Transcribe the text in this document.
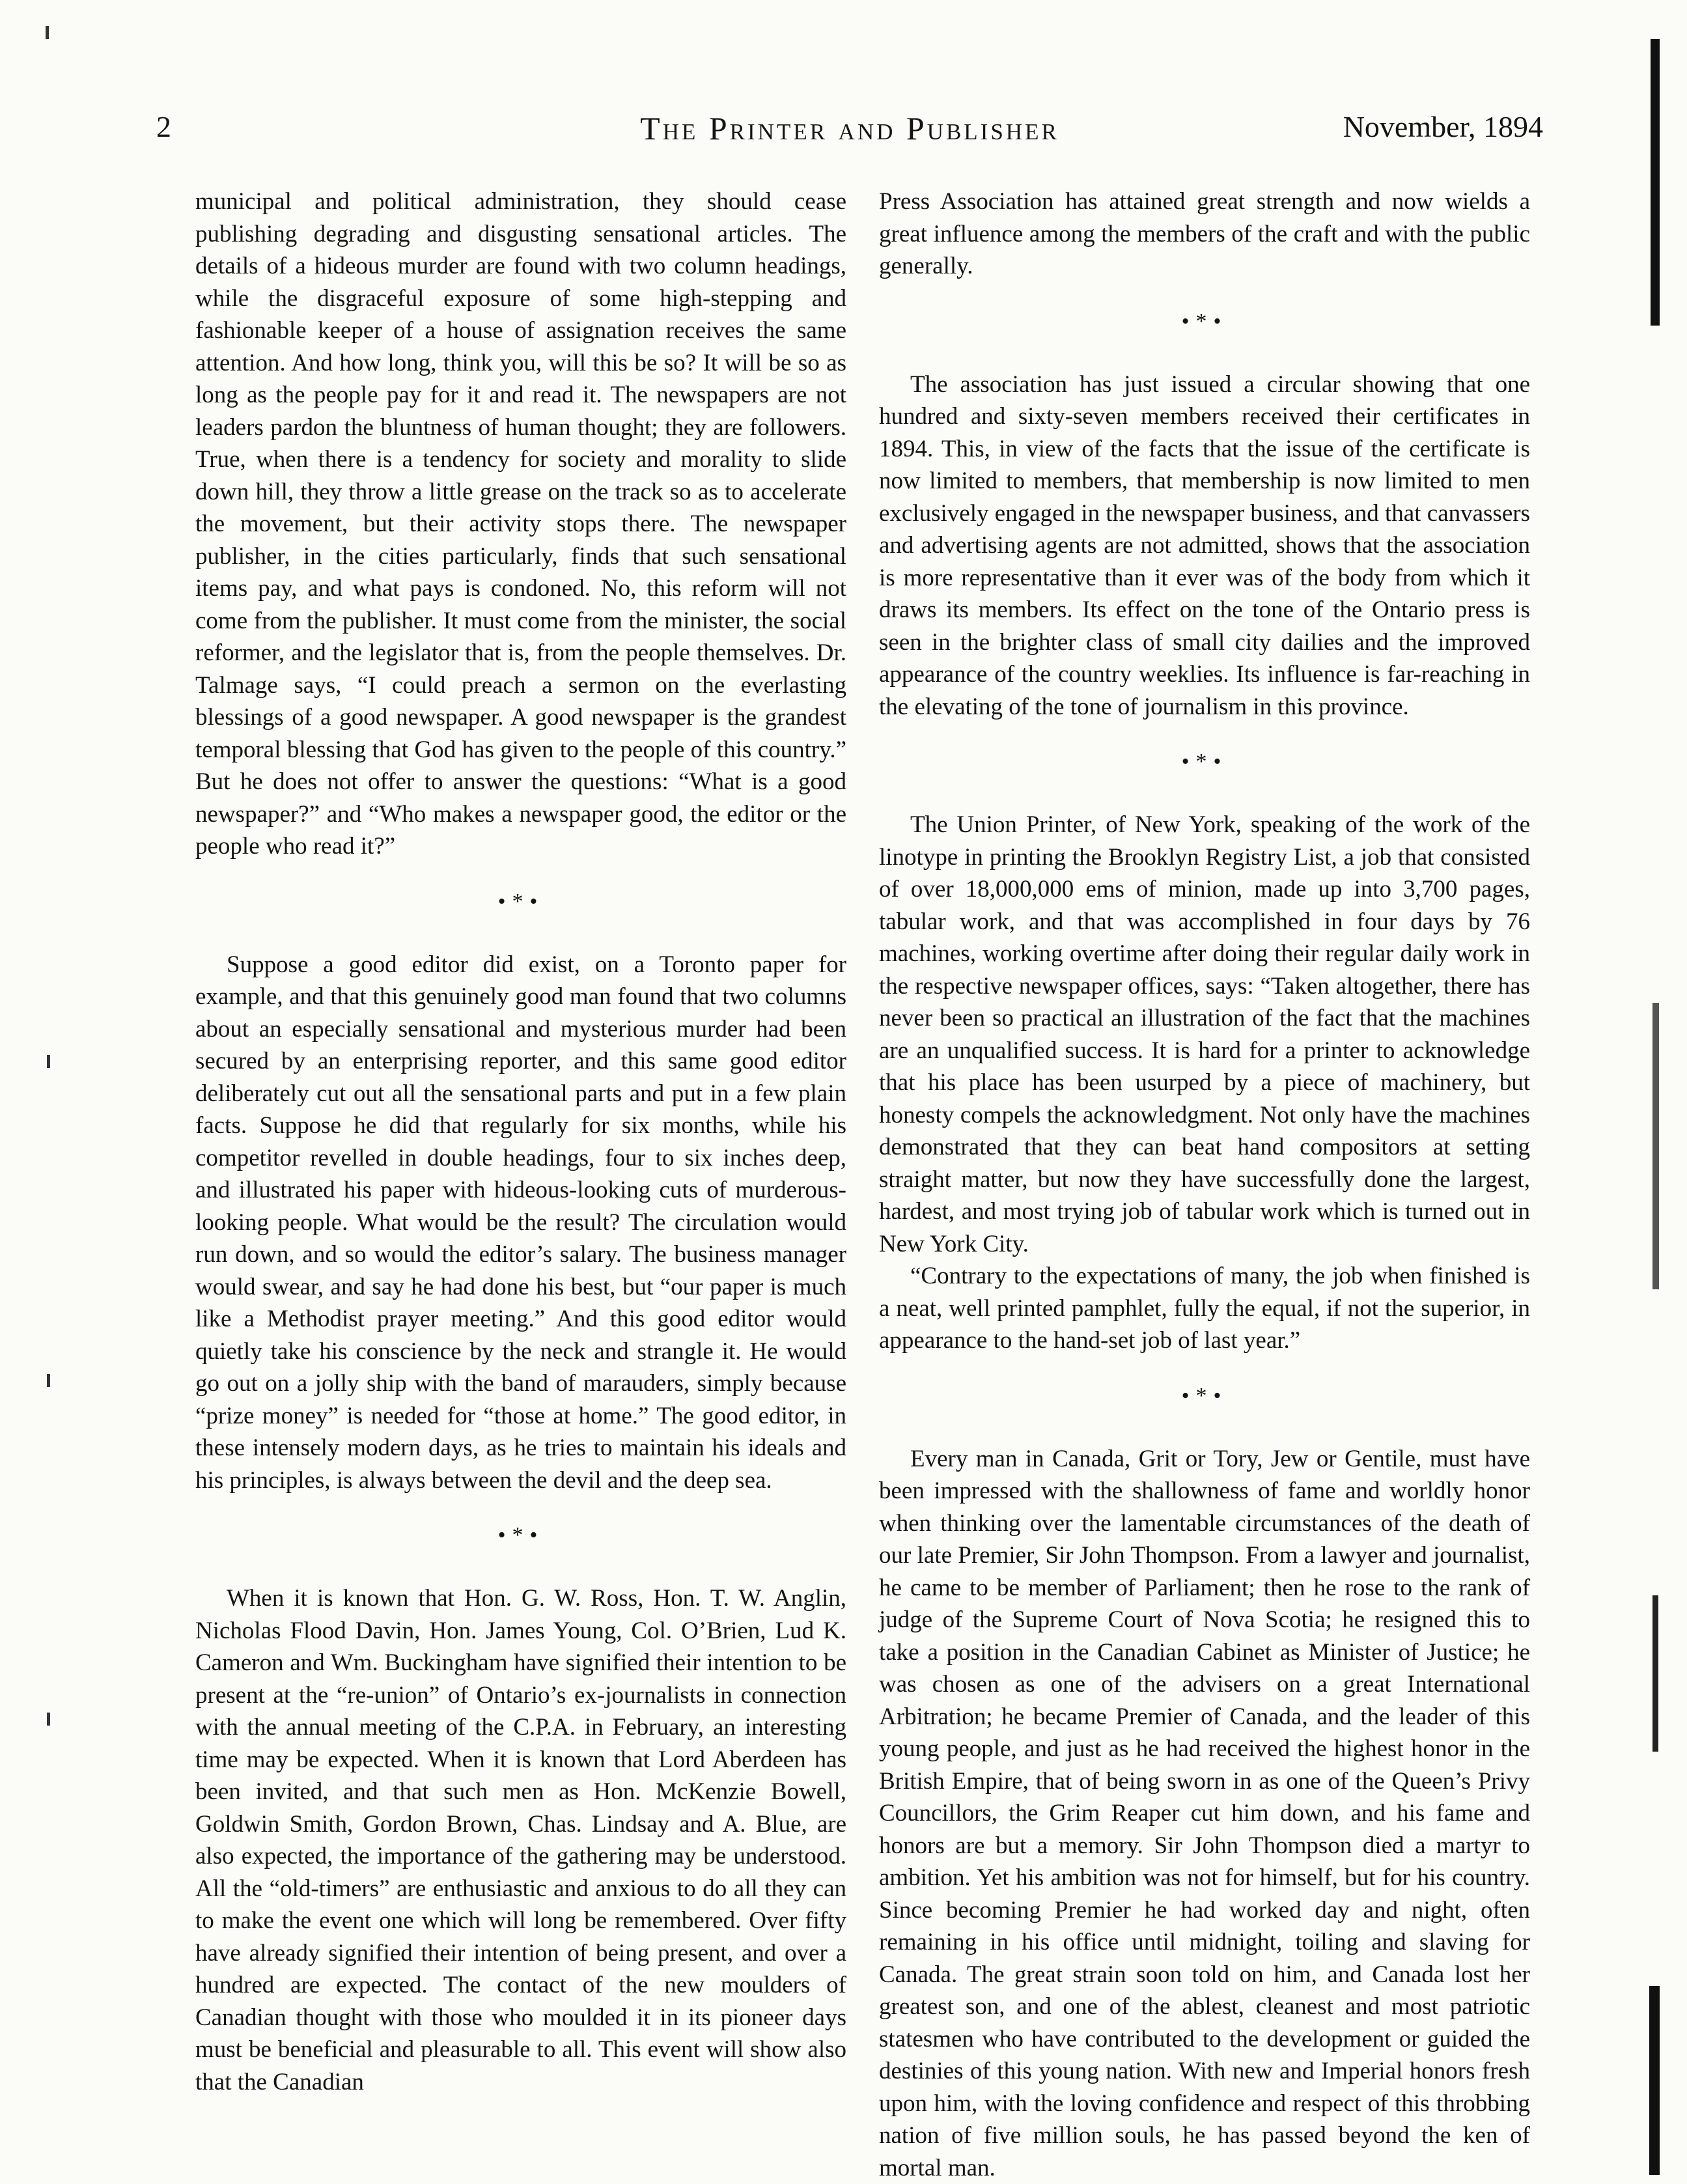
2	The Printer and Publisher	November, 1894

municipal and political administration, they should cease publishing degrading and disgusting sensational articles. The details of a hideous murder are found with two column headings, while the disgraceful exposure of some high-stepping and fashionable keeper of a house of assignation receives the same attention. And how long, think you, will this be so? It will be so as long as the people pay for it and read it. The newspapers are not leaders pardon the bluntness of human thought; they are followers. True, when there is a tendency for society and morality to slide down hill, they throw a little grease on the track so as to accelerate the movement, but their activity stops there. The newspaper publisher, in the cities particularly, finds that such sensational items pay, and what pays is condoned. No, this reform will not come from the publisher. It must come from the minister, the social reformer, and the legislator that is, from the people themselves. Dr. Talmage says, “I could preach a sermon on the everlasting blessings of a good newspaper. A good newspaper is the grandest temporal blessing that God has given to the people of this country.” But he does not offer to answer the questions: “What is a good newspaper?” and “Who makes a newspaper good, the editor or the people who read it?”

•*•

Suppose a good editor did exist, on a Toronto paper for example, and that this genuinely good man found that two columns about an especially sensational and mysterious murder had been secured by an enterprising reporter, and this same good editor deliberately cut out all the sensational parts and put in a few plain facts. Suppose he did that regularly for six months, while his competitor revelled in double headings, four to six inches deep, and illustrated his paper with hideous-looking cuts of murderous-looking people. What would be the result? The circulation would run down, and so would the editor’s salary. The business manager would swear, and say he had done his best, but “our paper is much like a Methodist prayer meeting.” And this good editor would quietly take his conscience by the neck and strangle it. He would go out on a jolly ship with the band of marauders, simply because “prize money” is needed for “those at home.” The good editor, in these intensely modern days, as he tries to maintain his ideals and his principles, is always between the devil and the deep sea.

•*•

When it is known that Hon. G. W. Ross, Hon. T. W. Anglin, Nicholas Flood Davin, Hon. James Young, Col. O’Brien, Lud K. Cameron and Wm. Buckingham have signified their intention to be present at the “re-union” of Ontario’s ex-journalists in connection with the annual meeting of the C.P.A. in February, an interesting time may be expected. When it is known that Lord Aberdeen has been invited, and that such men as Hon. McKenzie Bowell, Goldwin Smith, Gordon Brown, Chas. Lindsay and A. Blue, are also expected, the importance of the gathering may be understood. All the “old-timers” are enthusiastic and anxious to do all they can to make the event one which will long be remembered. Over fifty have already signified their intention of being present, and over a hundred are expected. The contact of the new moulders of Canadian thought with those who moulded it in its pioneer days must be beneficial and pleasurable to all. This event will show also that the Canadian

Press Association has attained great strength and now wields a great influence among the members of the craft and with the public generally.

•*•

The association has just issued a circular showing that one hundred and sixty-seven members received their certificates in 1894. This, in view of the facts that the issue of the certificate is now limited to members, that membership is now limited to men exclusively engaged in the newspaper business, and that canvassers and advertising agents are not admitted, shows that the association is more representative than it ever was of the body from which it draws its members. Its effect on the tone of the Ontario press is seen in the brighter class of small city dailies and the improved appearance of the country weeklies. Its influence is far-reaching in the elevating of the tone of journalism in this province.

•*•

The Union Printer, of New York, speaking of the work of the linotype in printing the Brooklyn Registry List, a job that consisted of over 18,000,000 ems of minion, made up into 3,700 pages, tabular work, and that was accomplished in four days by 76 machines, working overtime after doing their regular daily work in the respective newspaper offices, says: “Taken altogether, there has never been so practical an illustration of the fact that the machines are an unqualified success. It is hard for a printer to acknowledge that his place has been usurped by a piece of machinery, but honesty compels the acknowledgment. Not only have the machines demonstrated that they can beat hand compositors at setting straight matter, but now they have successfully done the largest, hardest, and most trying job of tabular work which is turned out in New York City.

“Contrary to the expectations of many, the job when finished is a neat, well printed pamphlet, fully the equal, if not the superior, in appearance to the hand-set job of last year.”

•*•

Every man in Canada, Grit or Tory, Jew or Gentile, must have been impressed with the shallowness of fame and worldly honor when thinking over the lamentable circumstances of the death of our late Premier, Sir John Thompson. From a lawyer and journalist, he came to be member of Parliament; then he rose to the rank of judge of the Supreme Court of Nova Scotia; he resigned this to take a position in the Canadian Cabinet as Minister of Justice; he was chosen as one of the advisers on a great International Arbitration; he became Premier of Canada, and the leader of this young people, and just as he had received the highest honor in the British Empire, that of being sworn in as one of the Queen’s Privy Councillors, the Grim Reaper cut him down, and his fame and honors are but a memory. Sir John Thompson died a martyr to ambition. Yet his ambition was not for himself, but for his country. Since becoming Premier he had worked day and night, often remaining in his office until midnight, toiling and slaving for Canada. The great strain soon told on him, and Canada lost her greatest son, and one of the ablest, cleanest and most patriotic statesmen who have contributed to the development or guided the destinies of this young nation. With new and Imperial honors fresh upon him, with the loving confidence and respect of this throbbing nation of five million souls, he has passed beyond the ken of mortal man.
